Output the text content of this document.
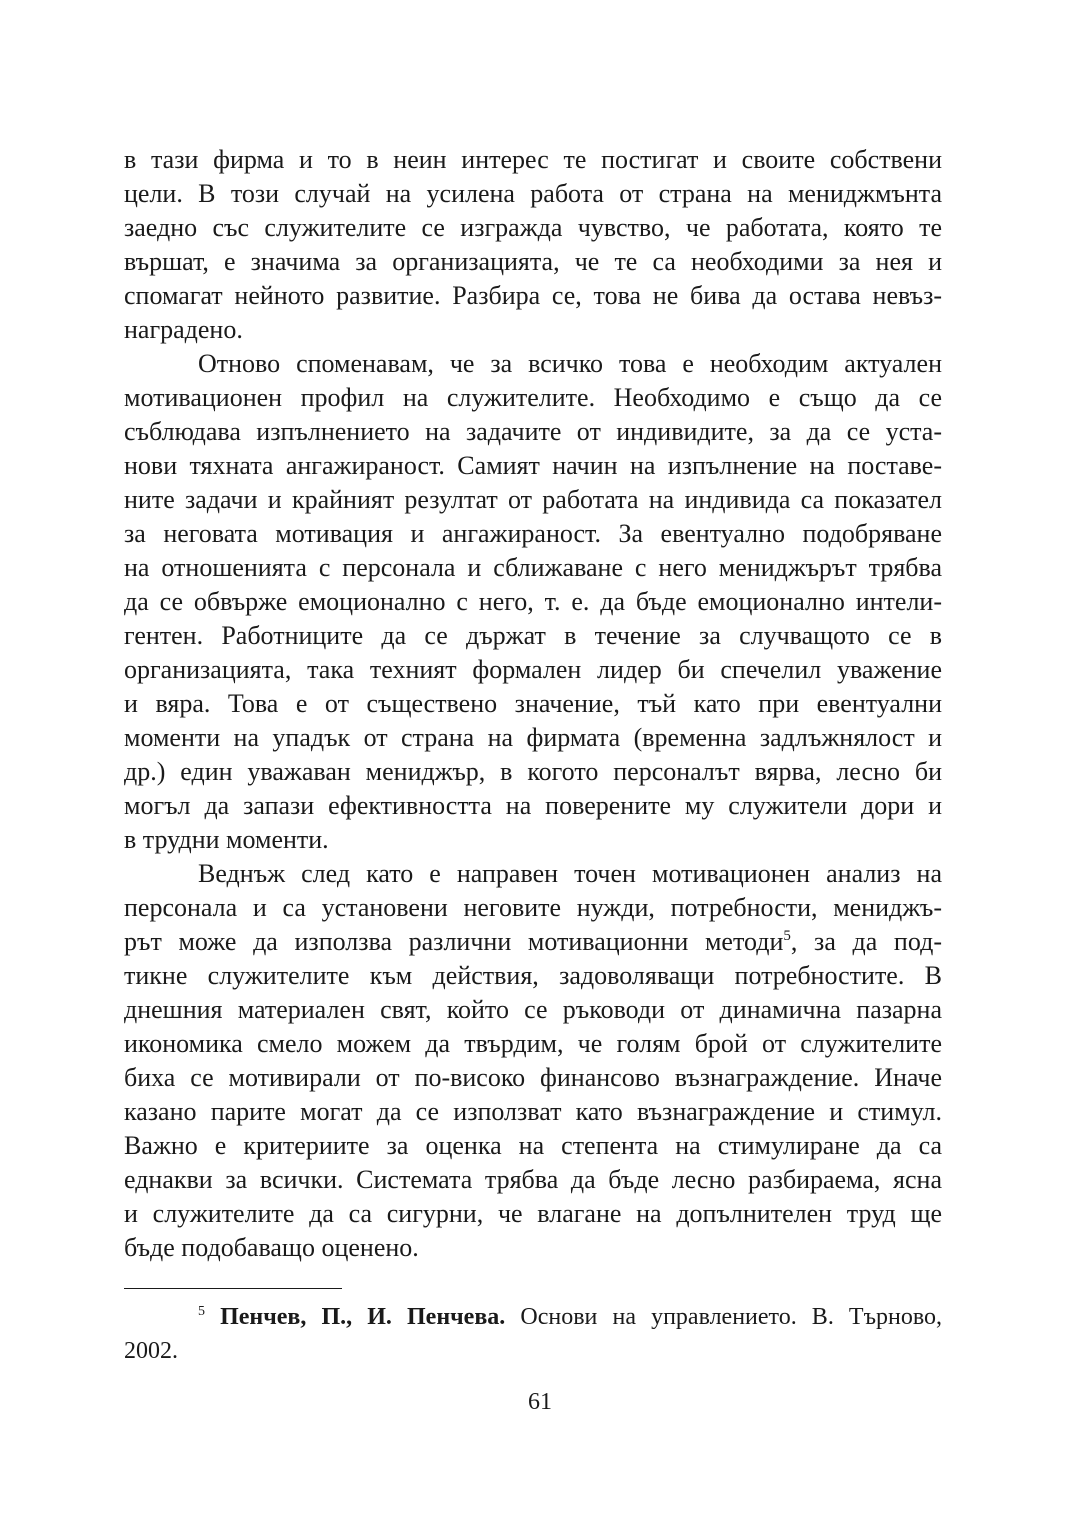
в тази фирма и то в неин интерес те постигат и своите собствени
цели. В този случай на усилена работа от страна на мениджмънта
заедно със служителите се изгражда чувство, че работата, която те
вършат, е значима за организацията, че те са необходими за нея и
спомагат нейното развитие. Разбира се, това не бива да остава невъз-
наградено.
Отново споменавам, че за всичко това е необходим актуален
мотивационен профил на служителите. Необходимо е също да се
съблюдава изпълнението на задачите от индивидите, за да се уста-
нови тяхната ангажираност. Самият начин на изпълнение на поставе-
ните задачи и крайният резултат от работата на индивида са показател
за неговата мотивация и ангажираност. За евентуално подобряване
на отношенията с персонала и сближаване с него мениджърът трябва
да се обвърже емоционално с него, т. е. да бъде емоционално интели-
гентен. Работниците да се държат в течение за случващото се в
организацията, така техният формален лидер би спечелил уважение
и вяра. Това е от съществено значение, тъй като при евентуални
моменти на упадък от страна на фирмата (временна задлъжнялост и
др.) един уважаван мениджър, в когото персоналът вярва, лесно би
могъл да запази ефективността на поверените му служители дори и
в трудни моменти.
Веднъж след като е направен точен мотивационен анализ на
персонала и са установени неговите нужди, потребности, мениджъ-
рът може да използва различни мотивационни методи$^5$, за да под-
тикне служителите към действия, задоволяващи потребностите. В
днешния материален свят, който се ръководи от динамична пазарна
икономика смело можем да твърдим, че голям брой от служителите
биха се мотивирали от по-високо финансово възнаграждение. Иначе
казано парите могат да се използват като възнаграждение и стимул.
Важно е критериите за оценка на степента на стимулиране да са
еднакви за всички. Системата трябва да бъде лесно разбираема, ясна
и служителите да са сигурни, че влагане на допълнителен труд ще
бъде подобаващо оценено.
$^5$ Пенчев, П., И. Пенчева. Основи на управлението. В. Търново,
2002.
61
